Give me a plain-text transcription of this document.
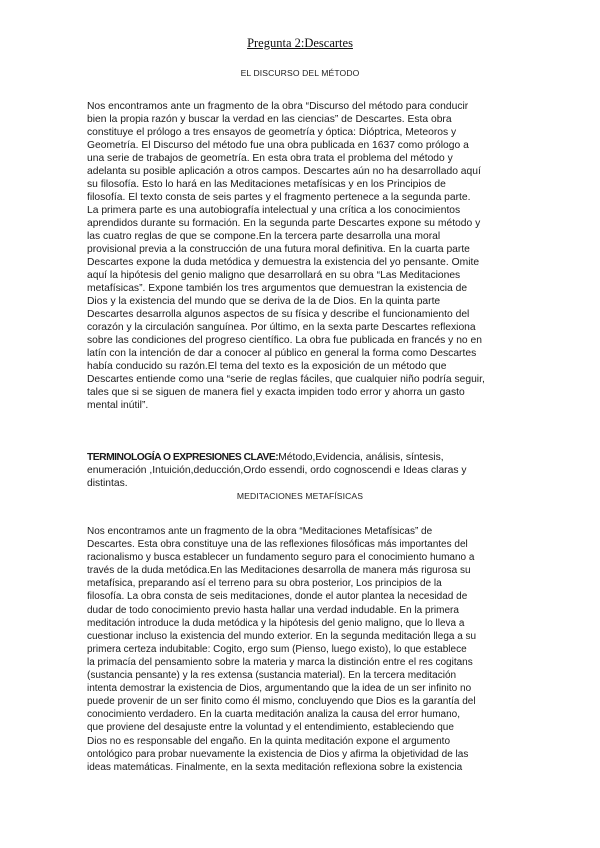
Pregunta 2:Descartes
EL DISCURSO DEL MÉTODO
Nos encontramos ante un fragmento de la obra “Discurso del método para conducir
bien la propia razón y buscar la verdad en las ciencias” de Descartes. Esta obra
constituye el prólogo a tres ensayos de geometría y óptica: Dióptrica, Meteoros y
Geometría. El Discurso del método fue una obra publicada en 1637 como prólogo a
una serie de trabajos de geometría. En esta obra trata el problema del método y
adelanta su posible aplicación a otros campos. Descartes aún no ha desarrollado aquí
su filosofía. Esto lo hará en las Meditaciones metafísicas y en los Principios de
filosofía. El texto consta de seis partes y el fragmento pertenece a la segunda parte.
La primera parte es una autobiografía intelectual y una crítica a los conocimientos
aprendidos durante su formación. En la segunda parte Descartes expone su método y
las cuatro reglas de que se compone.En la tercera parte desarrolla una moral
provisional previa a la construcción de una futura moral definitiva. En la cuarta parte
Descartes expone la duda metódica y demuestra la existencia del yo pensante. Omite
aquí la hipótesis del genio maligno que desarrollará en su obra “Las Meditaciones
metafísicas”. Expone también los tres argumentos que demuestran la existencia de
Dios y la existencia del mundo que se deriva de la de Dios. En la quinta parte
Descartes desarrolla algunos aspectos de su física y describe el funcionamiento del
corazón y la circulación sanguínea. Por último, en la sexta parte Descartes reflexiona
sobre las condiciones del progreso científico. La obra fue publicada en francés y no en
latín con la intención de dar a conocer al público en general la forma como Descartes
había conducido su razón.El tema del texto es la exposición de un método que
Descartes entiende como una “serie de reglas fáciles, que cualquier niño podría seguir,
tales que si se siguen de manera fiel y exacta impiden todo error y ahorra un gasto
mental inútil”.
TERMINOLOGÍA O EXPRESIONES CLAVE:Método,Evidencia, análisis, síntesis,
enumeración ,Intuición,deducción,Ordo essendi, ordo cognoscendi e Ideas claras y
distintas.
MEDITACIONES METAFÍSICAS
Nos encontramos ante un fragmento de la obra “Meditaciones Metafísicas” de
Descartes. Esta obra constituye una de las reflexiones filosóficas más importantes del
racionalismo y busca establecer un fundamento seguro para el conocimiento humano a
través de la duda metódica.En las Meditaciones desarrolla de manera más rigurosa su
metafísica, preparando así el terreno para su obra posterior, Los principios de la
filosofía. La obra consta de seis meditaciones, donde el autor plantea la necesidad de
dudar de todo conocimiento previo hasta hallar una verdad indudable. En la primera
meditación introduce la duda metódica y la hipótesis del genio maligno, que lo lleva a
cuestionar incluso la existencia del mundo exterior. En la segunda meditación llega a su
primera certeza indubitable: Cogito, ergo sum (Pienso, luego existo), lo que establece
la primacía del pensamiento sobre la materia y marca la distinción entre el res cogitans
(sustancia pensante) y la res extensa (sustancia material). En la tercera meditación
intenta demostrar la existencia de Dios, argumentando que la idea de un ser infinito no
puede provenir de un ser finito como él mismo, concluyendo que Dios es la garantía del
conocimiento verdadero. En la cuarta meditación analiza la causa del error humano,
que proviene del desajuste entre la voluntad y el entendimiento, estableciendo que
Dios no es responsable del engaño. En la quinta meditación expone el argumento
ontológico para probar nuevamente la existencia de Dios y afirma la objetividad de las
ideas matemáticas. Finalmente, en la sexta meditación reflexiona sobre la existencia
